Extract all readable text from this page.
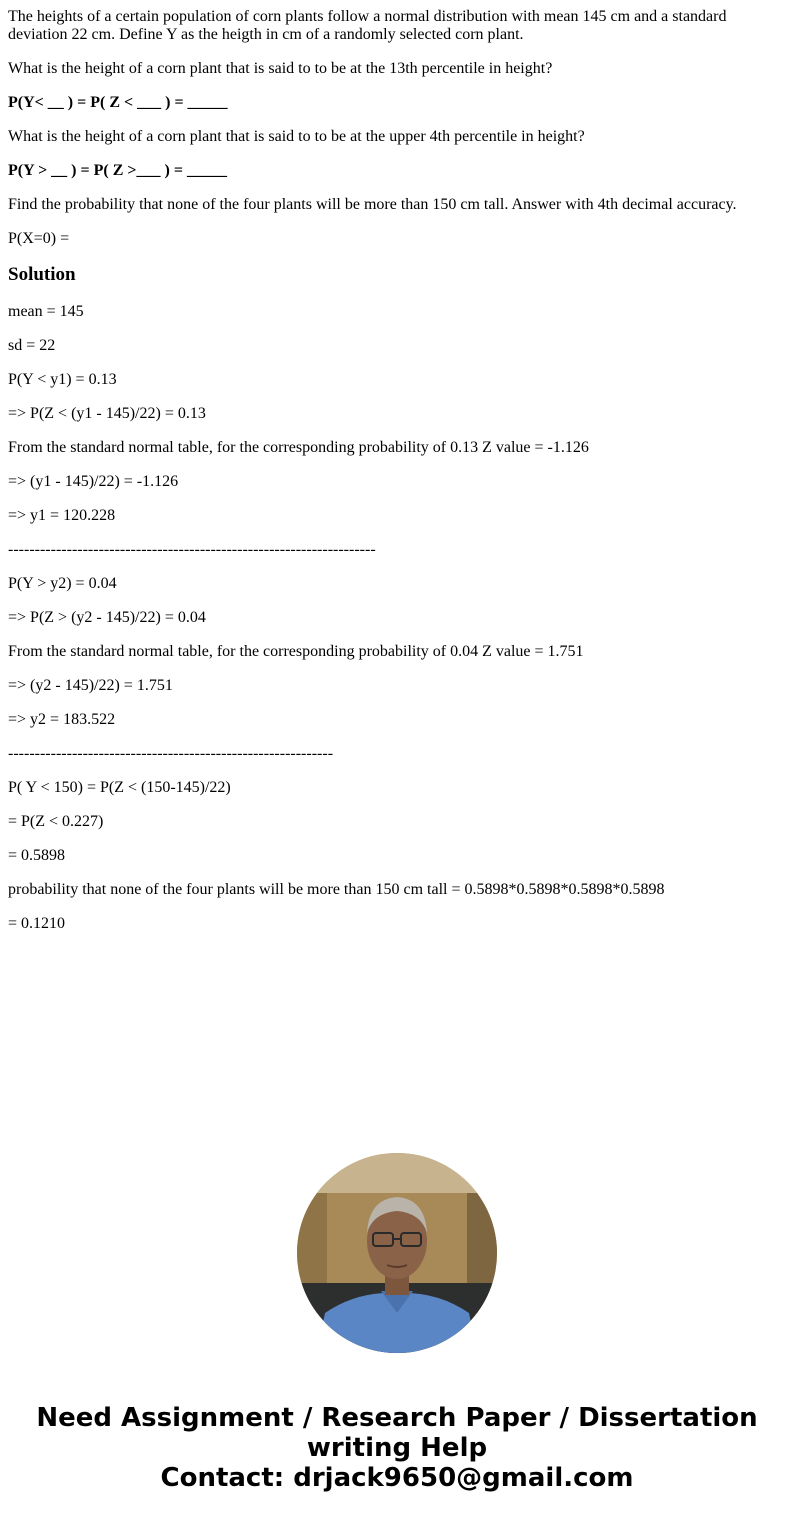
The heights of a certain population of corn plants follow a normal distribution with mean 145 cm and a standard deviation 22 cm. Define Y as the heigth in cm of a randomly selected corn plant.

What is the height of a corn plant that is said to to be at the 13th percentile in height?

P(Y< __ ) = P( Z < ___ ) = _____

What is the height of a corn plant that is said to to be at the upper 4th percentile in height?

P(Y > __ ) = P( Z >___ ) = _____

Find the probability that none of the four plants will be more than 150 cm tall. Answer with 4th decimal accuracy.

P(X=0) =

Solution

mean = 145

sd = 22

P(Y < y1) = 0.13

=> P(Z < (y1 - 145)/22) = 0.13

From the standard normal table, for the corresponding probability of 0.13 Z value = -1.126

=> (y1 - 145)/22) = -1.126

=> y1 = 120.228

---------------------------------------------------------------------

P(Y > y2) = 0.04

=> P(Z > (y2 - 145)/22) = 0.04

From the standard normal table, for the corresponding probability of 0.04 Z value = 1.751

=> (y2 - 145)/22) = 1.751

=> y2 = 183.522

-------------------------------------------------------------

P( Y < 150) = P(Z < (150-145)/22)

= P(Z < 0.227)

= 0.5898

probability that none of the four plants will be more than 150 cm tall = 0.5898*0.5898*0.5898*0.5898

= 0.1210

Need Assignment / Research Paper / Dissertation
writing Help
Contact: drjack9650@gmail.com
